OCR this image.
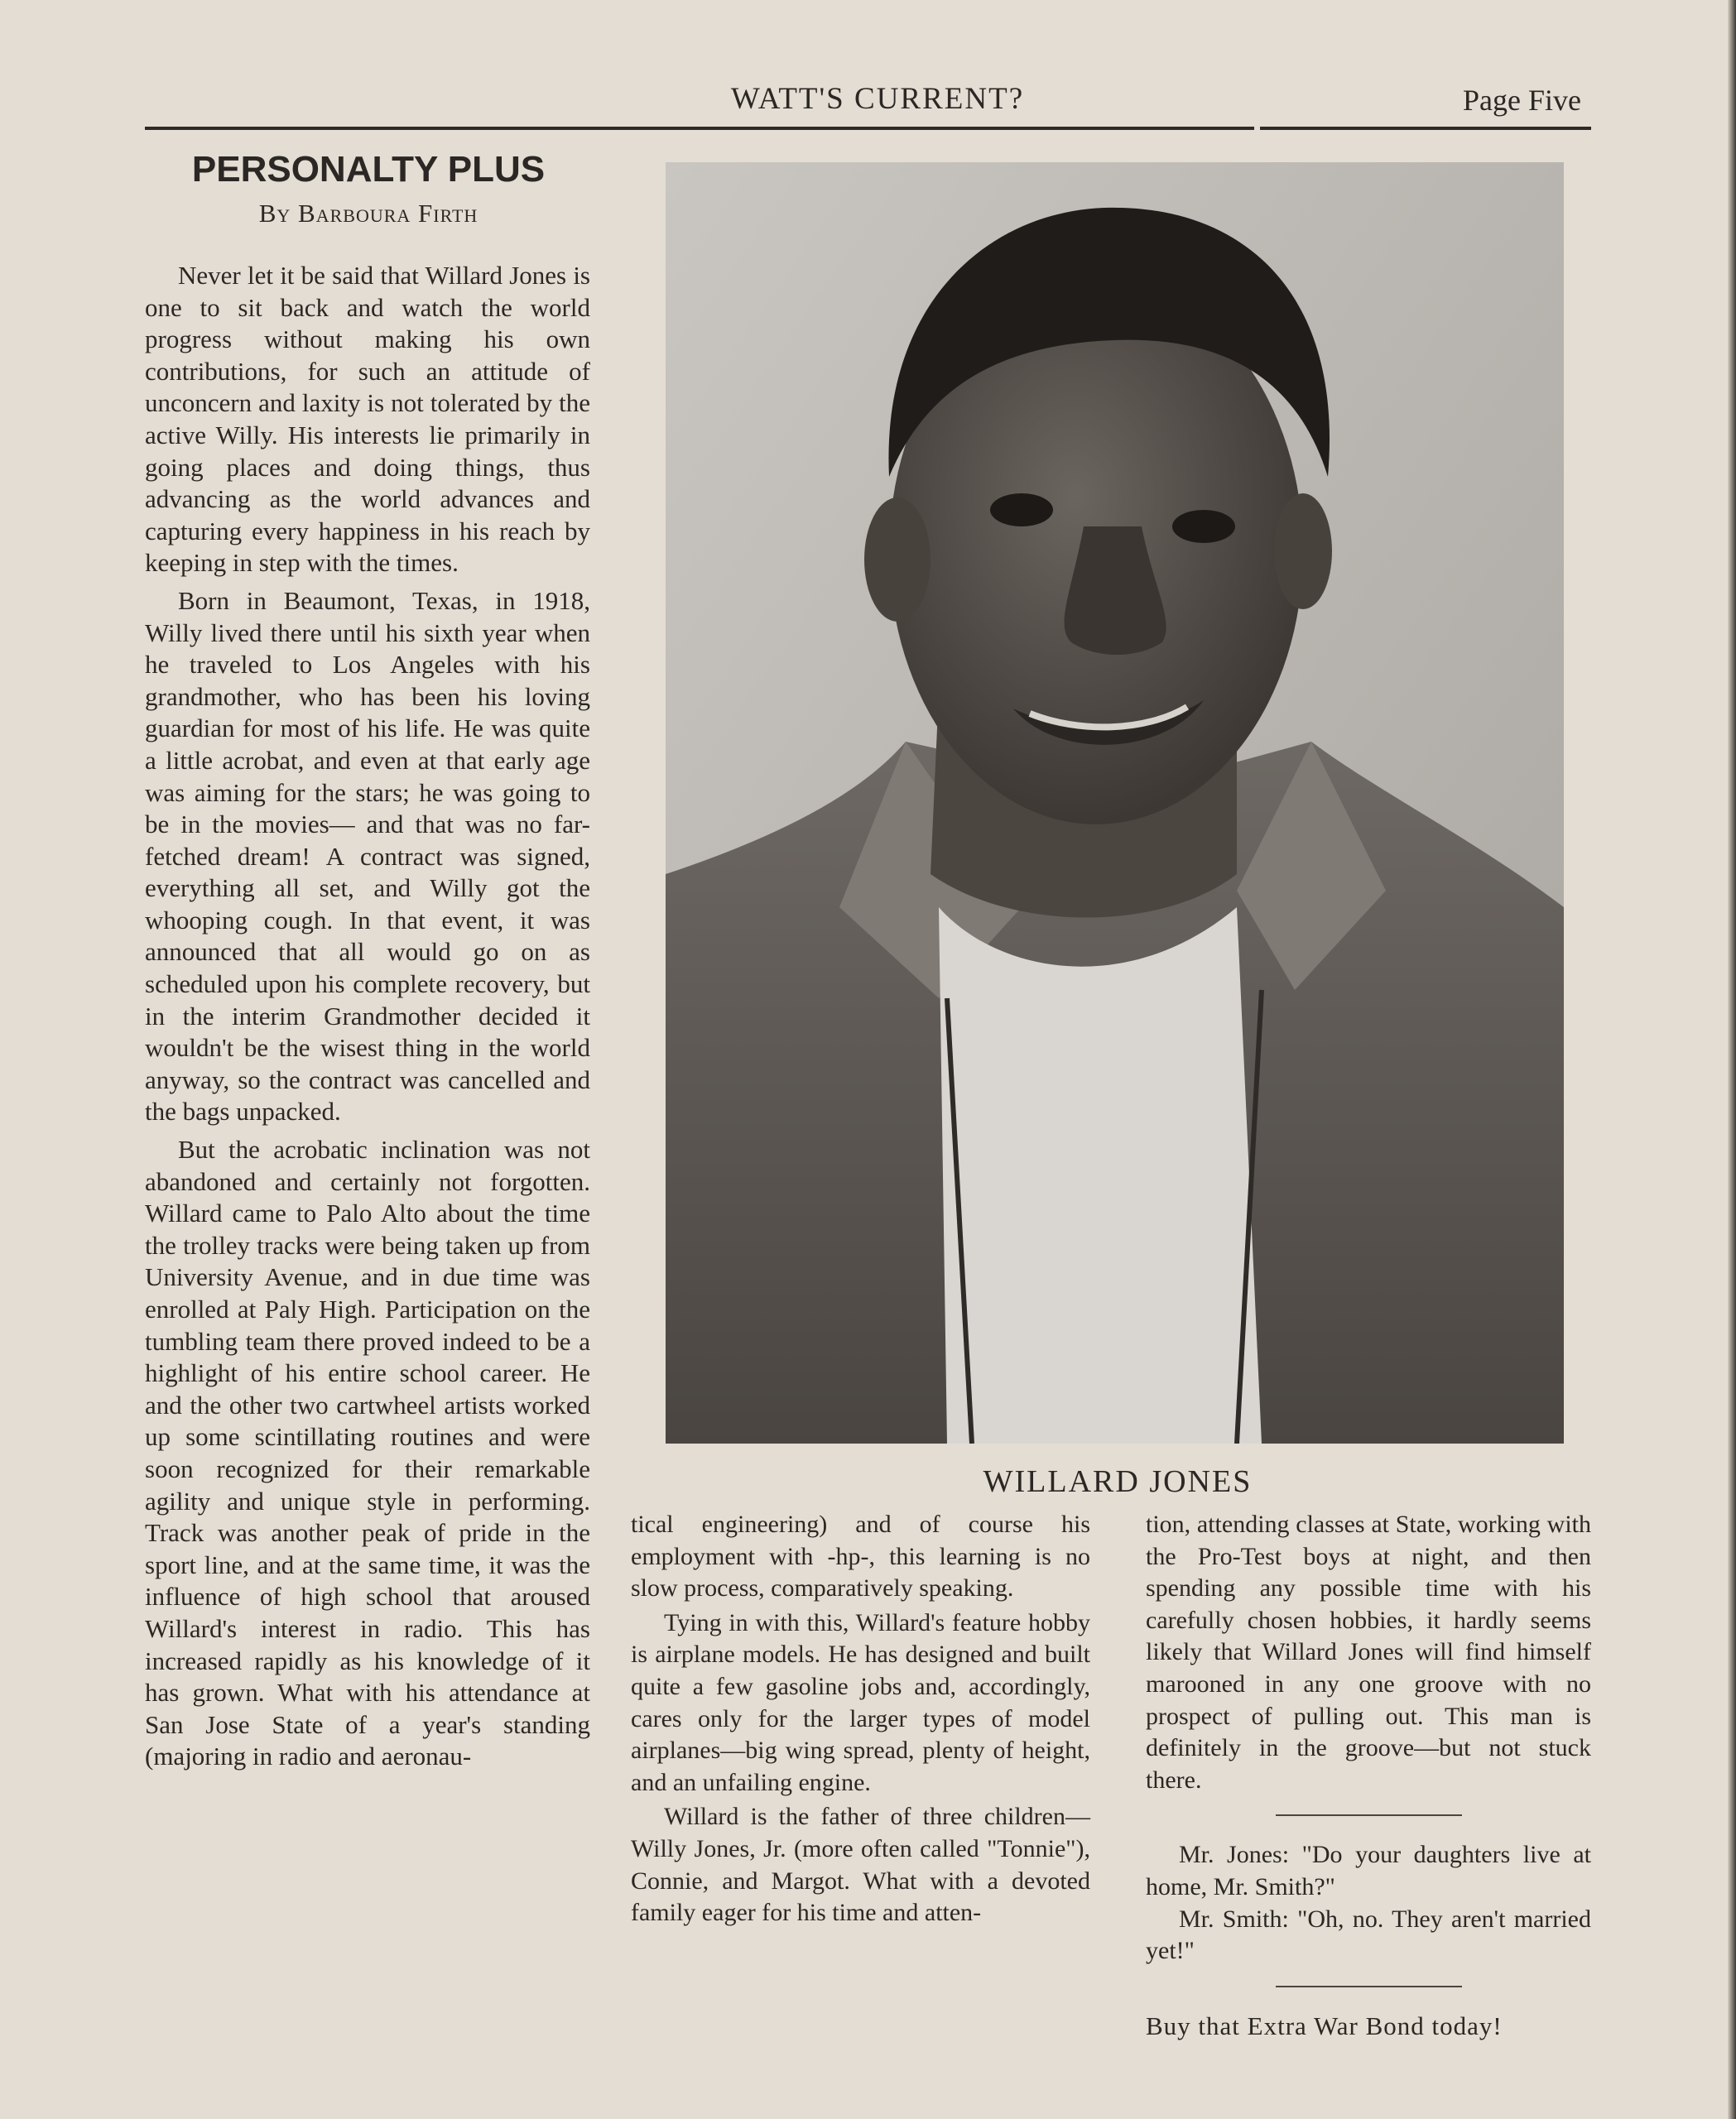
WATT'S CURRENT?	Page Five
PERSONALTY PLUS
By Barboura Firth

Never let it be said that Willard Jones is one to sit back and watch the world progress without making his own contributions, for such an attitude of unconcern and laxity is not tolerated by the active Willy. His interests lie primarily in going places and doing things, thus advancing as the world advances and capturing every happiness in his reach by keeping in step with the times.

Born in Beaumont, Texas, in 1918, Willy lived there until his sixth year when he traveled to Los Angeles with his grandmother, who has been his loving guardian for most of his life. He was quite a little acrobat, and even at that early age was aiming for the stars; he was going to be in the movies— and that was no far-fetched dream! A contract was signed, everything all set, and Willy got the whooping cough. In that event, it was announced that all would go on as scheduled upon his complete recovery, but in the interim Grandmother decided it wouldn't be the wisest thing in the world anyway, so the contract was cancelled and the bags unpacked.

But the acrobatic inclination was not abandoned and certainly not forgotten. Willard came to Palo Alto about the time the trolley tracks were being taken up from University Avenue, and in due time was enrolled at Paly High. Participation on the tumbling team there proved indeed to be a highlight of his entire school career. He and the other two cartwheel artists worked up some scintillating routines and were soon recognized for their remarkable agility and unique style in performing. Track was another peak of pride in the sport line, and at the same time, it was the influence of high school that aroused Willard's interest in radio. This has increased rapidly as his knowledge of it has grown. What with his attendance at San Jose State of a year's standing (majoring in radio and aeronau-

WILLARD JONES

tical engineering) and of course his employment with -hp-, this learning is no slow process, comparatively speaking.

Tying in with this, Willard's feature hobby is airplane models. He has designed and built quite a few gasoline jobs and, accordingly, cares only for the larger types of model airplanes—big wing spread, plenty of height, and an unfailing engine.

Willard is the father of three children—Willy Jones, Jr. (more often called "Tonnie"), Connie, and Margot. What with a devoted family eager for his time and atten-

tion, attending classes at State, working with the Pro-Test boys at night, and then spending any possible time with his carefully chosen hobbies, it hardly seems likely that Willard Jones will find himself marooned in any one groove with no prospect of pulling out. This man is definitely in the groove—but not stuck there.

Mr. Jones: "Do your daughters live at home, Mr. Smith?"

Mr. Smith: "Oh, no. They aren't married yet!"

Buy that Extra War Bond today!
